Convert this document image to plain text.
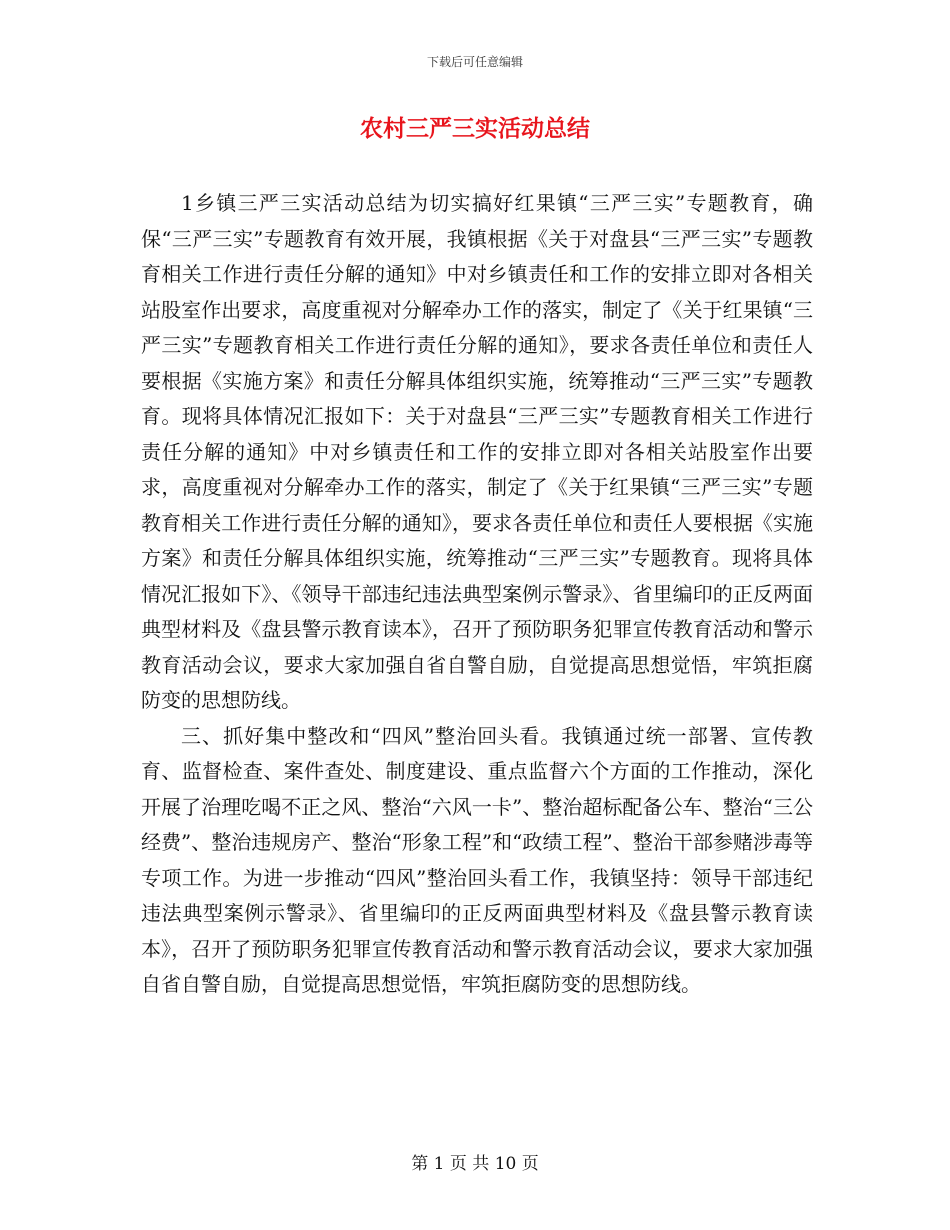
下载后可任意编辑
农村三严三实活动总结

1乡镇三严三实活动总结为切实搞好红果镇“三严三实”专题教育，确保“三严三实”专题教育有效开展，我镇根据《关于对盘县“三严三实”专题教育相关工作进行责任分解的通知》中对乡镇责任和工作的安排立即对各相关站股室作出要求，高度重视对分解牵办工作的落实，制定了《关于红果镇“三严三实”专题教育相关工作进行责任分解的通知》，要求各责任单位和责任人要根据《实施方案》和责任分解具体组织实施，统筹推动“三严三实”专题教育。现将具体情况汇报如下：关于对盘县“三严三实”专题教育相关工作进行责任分解的通知》中对乡镇责任和工作的安排立即对各相关站股室作出要求，高度重视对分解牵办工作的落实，制定了《关于红果镇“三严三实”专题教育相关工作进行责任分解的通知》，要求各责任单位和责任人要根据《实施方案》和责任分解具体组织实施，统筹推动“三严三实”专题教育。现将具体情况汇报如下》、《领导干部违纪违法典型案例示警录》、省里编印的正反两面典型材料及《盘县警示教育读本》，召开了预防职务犯罪宣传教育活动和警示教育活动会议，要求大家加强自省自警自励，自觉提高思想觉悟，牢筑拒腐防变的思想防线。

三、抓好集中整改和“四风”整治回头看。我镇通过统一部署、宣传教育、监督检查、案件查处、制度建设、重点监督六个方面的工作推动，深化开展了治理吃喝不正之风、整治“六风一卡”、整治超标配备公车、整治“三公经费”、整治违规房产、整治“形象工程”和“政绩工程”、整治干部参赌涉毒等专项工作。为进一步推动“四风”整治回头看工作，我镇坚持：领导干部违纪违法典型案例示警录》、省里编印的正反两面典型材料及《盘县警示教育读本》，召开了预防职务犯罪宣传教育活动和警示教育活动会议，要求大家加强自省自警自励，自觉提高思想觉悟，牢筑拒腐防变的思想防线。

第 1 页 共 10 页
